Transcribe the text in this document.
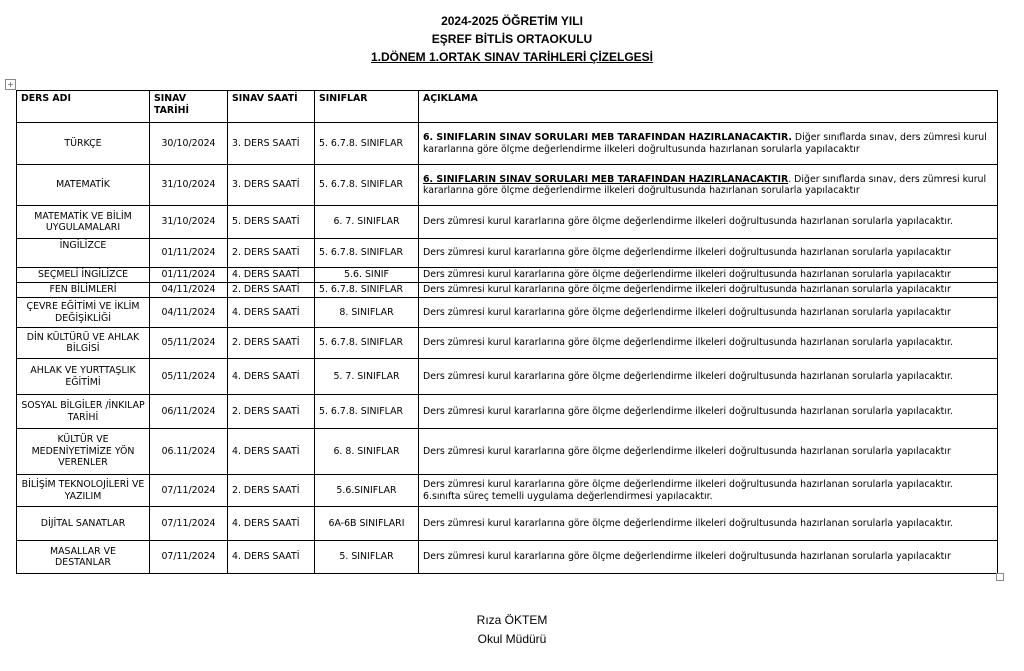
2024-2025 ÖĞRETİM YILI
EŞREF BİTLİS ORTAOKULU
1.DÖNEM 1.ORTAK SINAV TARİHLERİ ÇİZELGESİ
+
DERS ADI	SINAV TARİHİ	SINAV SAATİ	SINIFLAR	AÇIKLAMA
TÜRKÇE	30/10/2024	3. DERS SAATİ	5. 6.7.8. SINIFLAR	6. SINIFLARIN SINAV SORULARI MEB TARAFINDAN HAZIRLANACAKTIR. Diğer sınıflarda sınav, ders zümresi kurul kararlarına göre ölçme değerlendirme ilkeleri doğrultusunda hazırlanan sorularla yapılacaktır
MATEMATİK	31/10/2024	3. DERS SAATİ	5. 6.7.8. SINIFLAR	6. SINIFLARIN SINAV SORULARI MEB TARAFINDAN HAZIRLANACAKTIR. Diğer sınıflarda sınav, ders zümresi kurul kararlarına göre ölçme değerlendirme ilkeleri doğrultusunda hazırlanan sorularla yapılacaktır
MATEMATİK VE BİLİM UYGULAMALARI	31/10/2024	5. DERS SAATİ	6. 7. SINIFLAR	Ders zümresi kurul kararlarına göre ölçme değerlendirme ilkeleri doğrultusunda hazırlanan sorularla yapılacaktır.
İNGİLİZCE	01/11/2024	2. DERS SAATİ	5. 6.7.8. SINIFLAR	Ders zümresi kurul kararlarına göre ölçme değerlendirme ilkeleri doğrultusunda hazırlanan sorularla yapılacaktır
SEÇMELİ İNGİLİZCE	01/11/2024	4. DERS SAATİ	5.6. SINIF	Ders zümresi kurul kararlarına göre ölçme değerlendirme ilkeleri doğrultusunda hazırlanan sorularla yapılacaktır
FEN BİLİMLERİ	04/11/2024	2. DERS SAATİ	5. 6.7.8. SINIFLAR	Ders zümresi kurul kararlarına göre ölçme değerlendirme ilkeleri doğrultusunda hazırlanan sorularla yapılacaktır
ÇEVRE EĞİTİMİ VE İKLİM DEĞİŞİKLİĞİ	04/11/2024	4. DERS SAATİ	8. SINIFLAR	Ders zümresi kurul kararlarına göre ölçme değerlendirme ilkeleri doğrultusunda hazırlanan sorularla yapılacaktır
DİN KÜLTÜRÜ VE AHLAK BİLGİSİ	05/11/2024	2. DERS SAATİ	5. 6.7.8. SINIFLAR	Ders zümresi kurul kararlarına göre ölçme değerlendirme ilkeleri doğrultusunda hazırlanan sorularla yapılacaktır.
AHLAK VE YURTTAŞLIK EĞİTİMİ	05/11/2024	4. DERS SAATİ	5. 7. SINIFLAR	Ders zümresi kurul kararlarına göre ölçme değerlendirme ilkeleri doğrultusunda hazırlanan sorularla yapılacaktır.
SOSYAL BİLGİLER /İNKILAP TARİHİ	06/11/2024	2. DERS SAATİ	5. 6.7.8. SINIFLAR	Ders zümresi kurul kararlarına göre ölçme değerlendirme ilkeleri doğrultusunda hazırlanan sorularla yapılacaktır.
KÜLTÜR VE MEDENİYETİMİZE YÖN VERENLER	06.11/2024	4. DERS SAATİ	6. 8. SINIFLAR	Ders zümresi kurul kararlarına göre ölçme değerlendirme ilkeleri doğrultusunda hazırlanan sorularla yapılacaktır
BİLİŞİM TEKNOLOJİLERİ VE YAZILIM	07/11/2024	2. DERS SAATİ	5.6.SINIFLAR	Ders zümresi kurul kararlarına göre ölçme değerlendirme ilkeleri doğrultusunda hazırlanan sorularla yapılacaktır. 6.sınıfta süreç temelli uygulama değerlendirmesi yapılacaktır.
DİJİTAL SANATLAR	07/11/2024	4. DERS SAATİ	6A-6B SINIFLARI	Ders zümresi kurul kararlarına göre ölçme değerlendirme ilkeleri doğrultusunda hazırlanan sorularla yapılacaktır.
MASALLAR VE DESTANLAR	07/11/2024	4. DERS SAATİ	5. SINIFLAR	Ders zümresi kurul kararlarına göre ölçme değerlendirme ilkeleri doğrultusunda hazırlanan sorularla yapılacaktır
Rıza ÖKTEM
Okul Müdürü
